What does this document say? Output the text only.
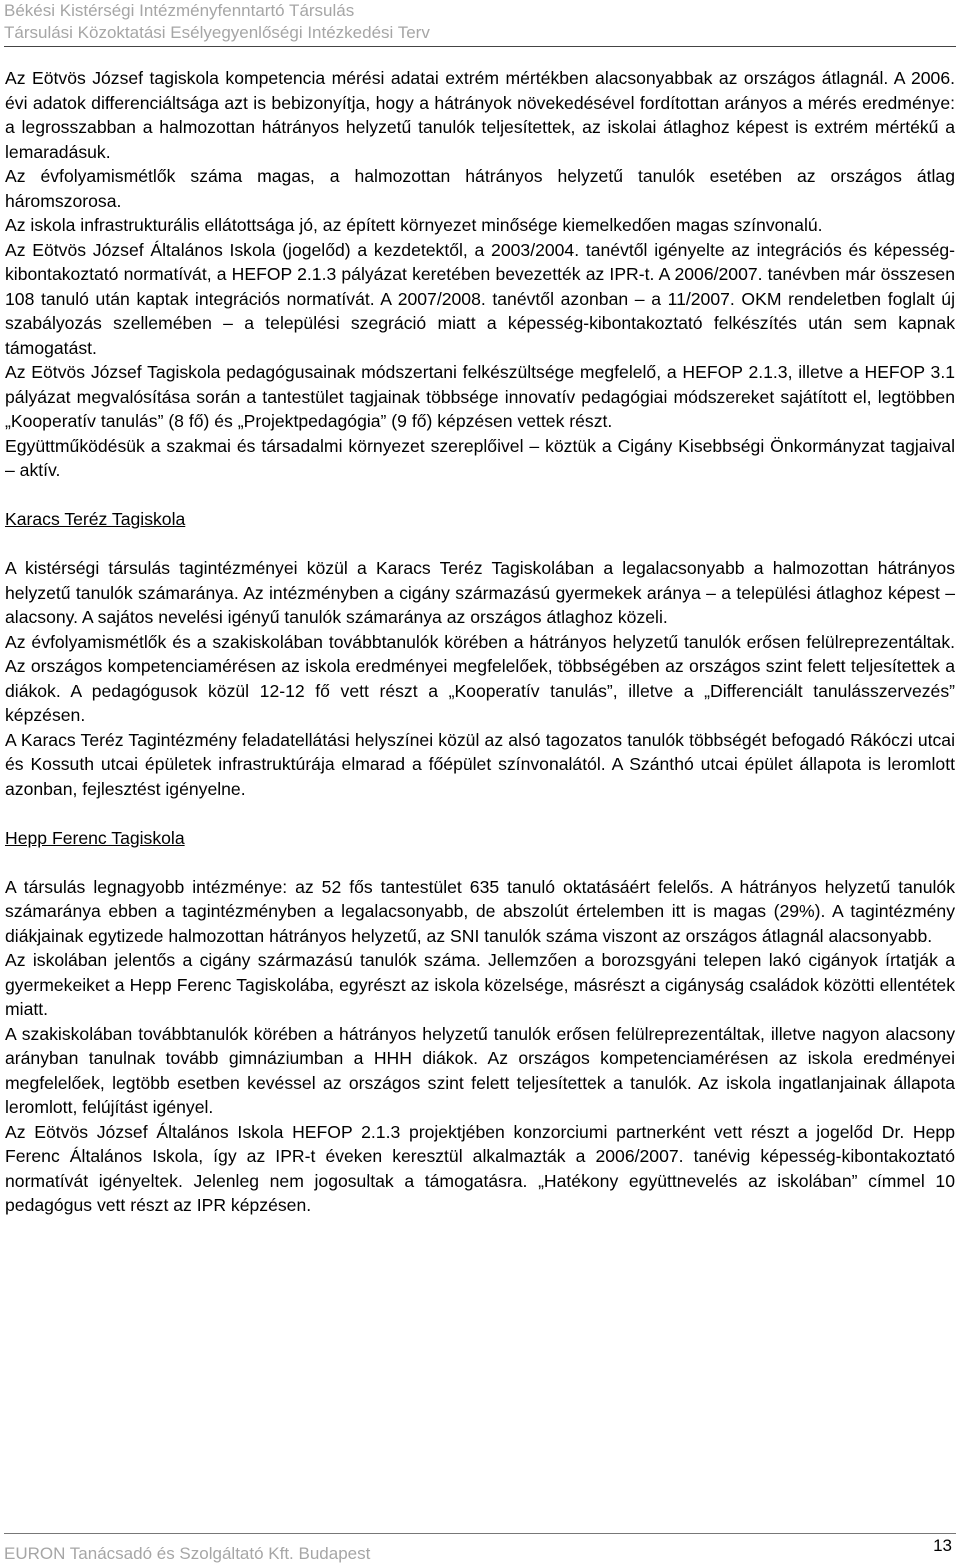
Békési Kistérségi Intézményfenntartó Társulás
Társulási Közoktatási Esélyegyenlőségi Intézkedési Terv

Az Eötvös József tagiskola kompetencia mérési adatai extrém mértékben alacsonyabbak az országos átlagnál. A 2006. évi adatok differenciáltsága azt is bebizonyítja, hogy a hátrányok növekedésével fordítottan arányos a mérés eredménye: a legrosszabban a halmozottan hátrányos helyzetű tanulók teljesítettek, az iskolai átlaghoz képest is extrém mértékű a lemaradásuk.

Az évfolyamismétlők száma magas, a halmozottan hátrányos helyzetű tanulók esetében az országos átlag háromszorosa.

Az iskola infrastrukturális ellátottsága jó, az épített környezet minősége kiemelkedően magas színvonalú.

Az Eötvös József Általános Iskola (jogelőd) a kezdetektől, a 2003/2004. tanévtől igényelte az integrációs és képesség-kibontakoztató normatívát, a HEFOP 2.1.3 pályázat keretében bevezették az IPR-t. A 2006/2007. tanévben már összesen 108 tanuló után kaptak integrációs normatívát. A 2007/2008. tanévtől azonban – a 11/2007. OKM rendeletben foglalt új szabályozás szellemében – a települési szegráció miatt a képesség-kibontakoztató felkészítés után sem kapnak támogatást.

Az Eötvös József Tagiskola pedagógusainak módszertani felkészültsége megfelelő, a HEFOP 2.1.3, illetve a HEFOP 3.1 pályázat megvalósítása során a tantestület tagjainak többsége innovatív pedagógiai módszereket sajátított el, legtöbben „Kooperatív tanulás” (8 fő) és „Projektpedagógia” (9 fő) képzésen vettek részt.

Együttműködésük a szakmai és társadalmi környezet szereplőivel – köztük a Cigány Kisebbségi Önkormányzat tagjaival – aktív.

Karacs Teréz Tagiskola

A kistérségi társulás tagintézményei közül a Karacs Teréz Tagiskolában a legalacsonyabb a halmozottan hátrányos helyzetű tanulók számaránya. Az intézményben a cigány származású gyermekek aránya – a települési átlaghoz képest – alacsony. A sajátos nevelési igényű tanulók számaránya az országos átlaghoz közeli.

Az évfolyamismétlők és a szakiskolában továbbtanulók körében a hátrányos helyzetű tanulók erősen felülreprezentáltak. Az országos kompetenciamérésen az iskola eredményei megfelelőek, többségében az országos szint felett teljesítettek a diákok. A pedagógusok közül 12-12 fő vett részt a „Kooperatív tanulás”, illetve a „Differenciált tanulásszervezés” képzésen.

A Karacs Teréz Tagintézmény feladatellátási helyszínei közül az alsó tagozatos tanulók többségét befogadó Rákóczi utcai és Kossuth utcai épületek infrastruktúrája elmarad a főépület színvonalától. A Szánthó utcai épület állapota is leromlott azonban, fejlesztést igényelne.

Hepp Ferenc Tagiskola

A társulás legnagyobb intézménye: az 52 fős tantestület 635 tanuló oktatásáért felelős. A hátrányos helyzetű tanulók számaránya ebben a tagintézményben a legalacsonyabb, de abszolút értelemben itt is magas (29%). A tagintézmény diákjainak egytizede halmozottan hátrányos helyzetű, az SNI tanulók száma viszont az országos átlagnál alacsonyabb.

Az iskolában jelentős a cigány származású tanulók száma. Jellemzően a borozsgyáni telepen lakó cigányok írtatják a gyermekeiket a Hepp Ferenc Tagiskolába, egyrészt az iskola közelsége, másrészt a cigányság családok közötti ellentétek miatt.

A szakiskolában továbbtanulók körében a hátrányos helyzetű tanulók erősen felülreprezentáltak, illetve nagyon alacsony arányban tanulnak tovább gimnáziumban a HHH diákok. Az országos kompetenciamérésen az iskola eredményei megfelelőek, legtöbb esetben kevéssel az országos szint felett teljesítettek a tanulók. Az iskola ingatlanjainak állapota leromlott, felújítást igényel.

Az Eötvös József Általános Iskola HEFOP 2.1.3 projektjében konzorciumi partnerként vett részt a jogelőd Dr. Hepp Ferenc Általános Iskola, így az IPR-t éveken keresztül alkalmazták a 2006/2007. tanévig képesség-kibontakoztató normatívát igényeltek. Jelenleg nem jogosultak a támogatásra. „Hatékony együttnevelés az iskolában” címmel 10 pedagógus vett részt az IPR képzésen.

EURON Tanácsadó és Szolgáltató Kft. Budapest	13
